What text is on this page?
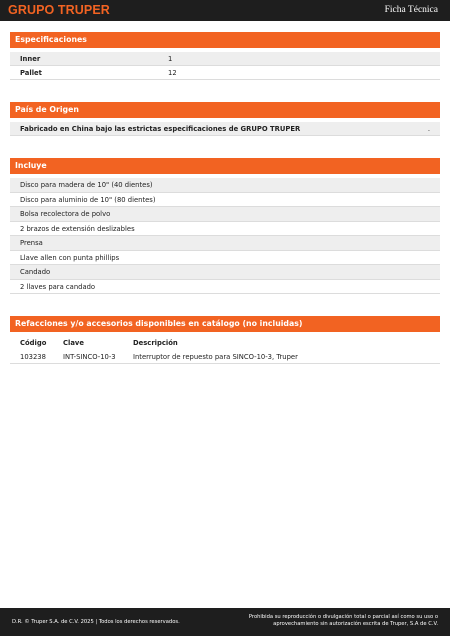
GRUPO TRUPER	Ficha Técnica
Especificaciones
Inner	1
Pallet	12
País de Origen
Fabricado en China bajo las estrictas especificaciones de GRUPO TRUPER	.
Incluye
Disco para madera de 10" (40 dientes)
Disco para aluminio de 10" (80 dientes)
Bolsa recolectora de polvo
2 brazos de extensión deslizables
Prensa
Llave allen con punta phillips
Candado
2 llaves para candado
Refacciones y/o accesorios disponibles en catálogo (no incluidas)
Código Clave	Descripción
103238	INT-SINCO-10-3	Interruptor de repuesto para SINCO-10-3, Truper
D.R. © Truper S.A. de C.V. 2025 | Todos los derechos reservados.
Prohibida su reproducción o divulgación total o parcial así como su uso o
aprovechamiento sin autorización escrita de Truper, S.A de C.V.
